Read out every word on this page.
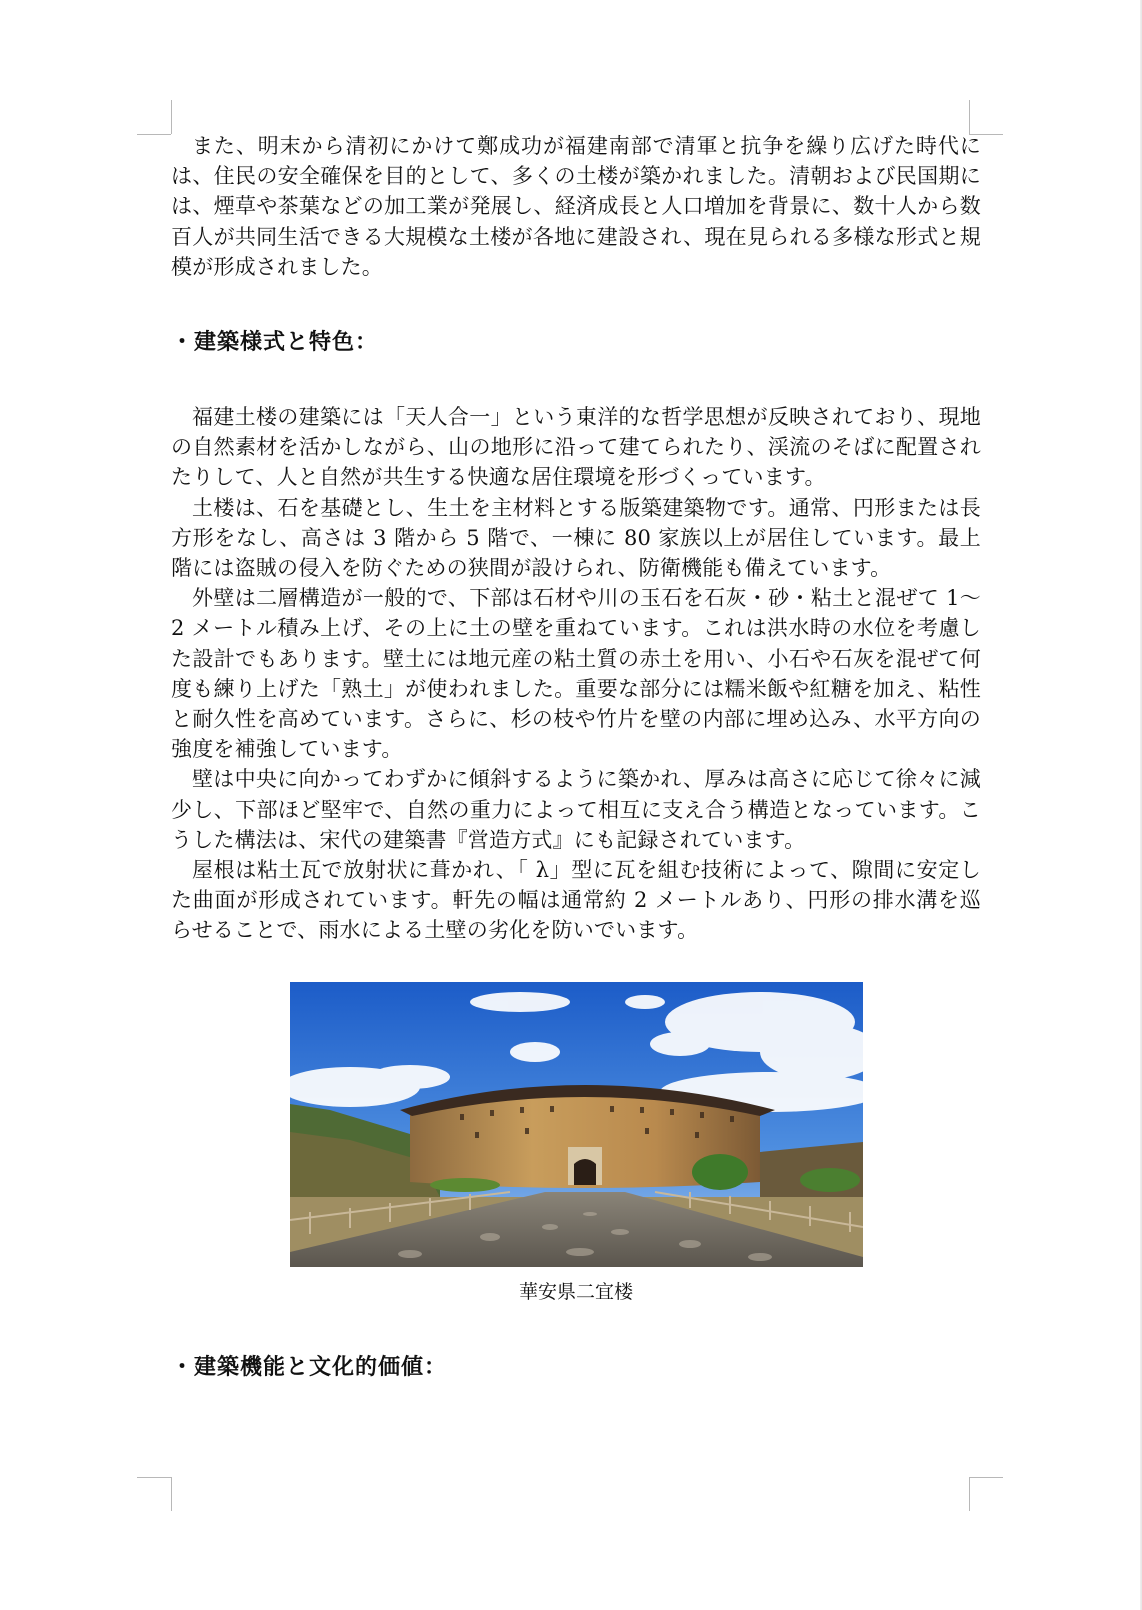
また、明末から清初にかけて鄭成功が福建南部で清軍と抗争を繰り広げた時代には、住民の安全確保を目的として、多くの土楼が築かれました。清朝および民国期には、煙草や茶葉などの加工業が発展し、経済成長と人口増加を背景に、数十人から数百人が共同生活できる大規模な土楼が各地に建設され、現在見られる多様な形式と規模が形成されました。

・建築様式と特色：

福建土楼の建築には「天人合一」という東洋的な哲学思想が反映されており、現地の自然素材を活かしながら、山の地形に沿って建てられたり、渓流のそばに配置されたりして、人と自然が共生する快適な居住環境を形づくっています。

土楼は、石を基礎とし、生土を主材料とする版築建築物です。通常、円形または長方形をなし、高さは 3 階から 5 階で、一棟に 80 家族以上が居住しています。最上階には盗賊の侵入を防ぐための狭間が設けられ、防衛機能も備えています。

外壁は二層構造が一般的で、下部は石材や川の玉石を石灰・砂・粘土と混ぜて 1〜2 メートル積み上げ、その上に土の壁を重ねています。これは洪水時の水位を考慮した設計でもあります。壁土には地元産の粘土質の赤土を用い、小石や石灰を混ぜて何度も練り上げた「熟土」が使われました。重要な部分には糯米飯や紅糖を加え、粘性と耐久性を高めています。さらに、杉の枝や竹片を壁の内部に埋め込み、水平方向の強度を補強しています。

壁は中央に向かってわずかに傾斜するように築かれ、厚みは高さに応じて徐々に減少し、下部ほど堅牢で、自然の重力によって相互に支え合う構造となっています。こうした構法は、宋代の建築書『営造方式』にも記録されています。

屋根は粘土瓦で放射状に葺かれ、「 λ」型に瓦を組む技術によって、隙間に安定した曲面が形成されています。軒先の幅は通常約 2 メートルあり、円形の排水溝を巡らせることで、雨水による土壁の劣化を防いでいます。

華安県二宜楼
・建築機能と文化的価値：
